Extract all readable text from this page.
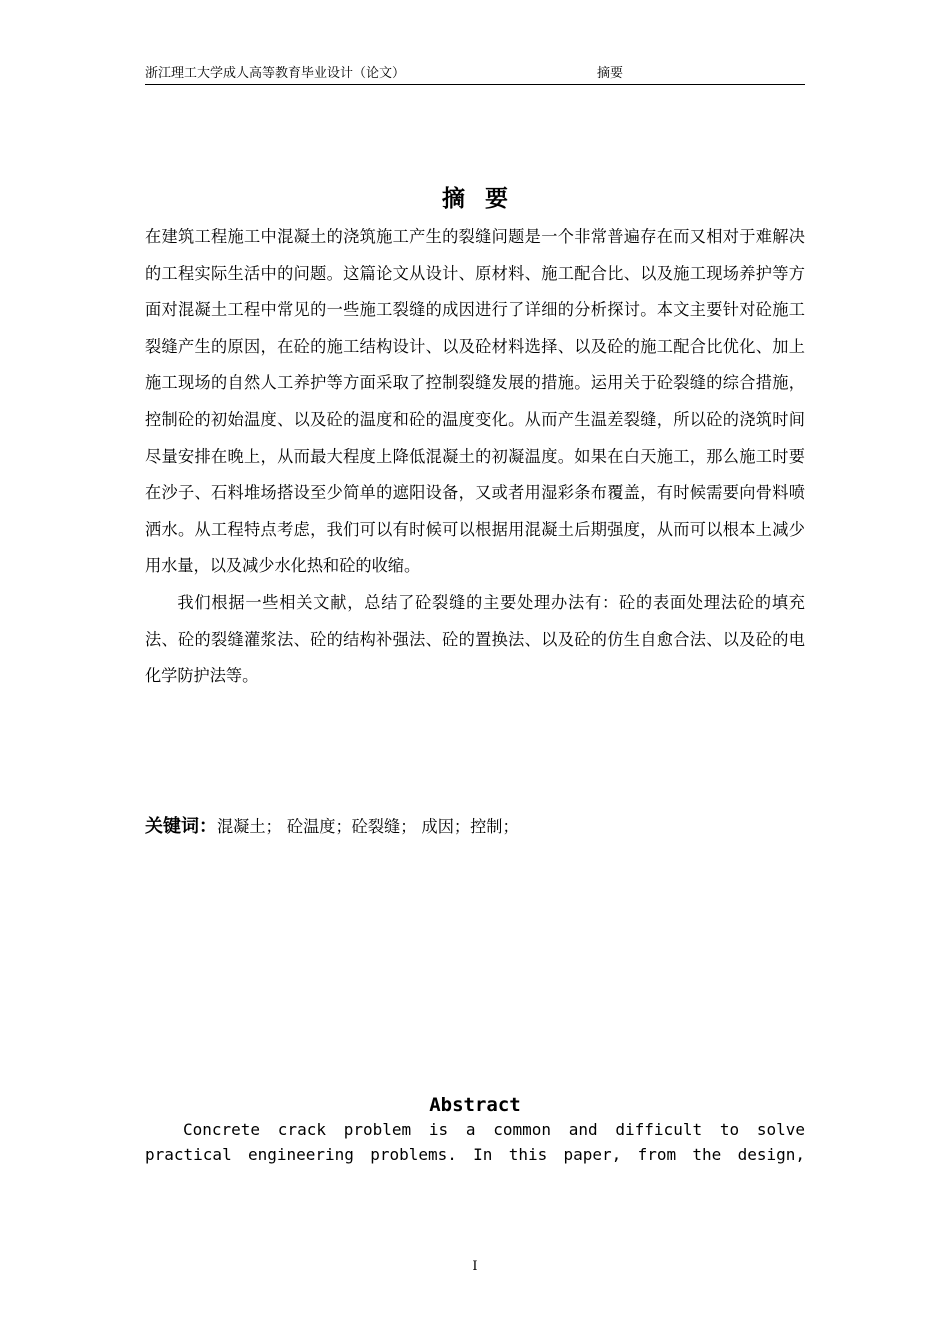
浙江理工大学成人高等教育毕业设计（论文）	摘要
摘要

在建筑工程施工中混凝土的浇筑施工产生的裂缝问题是一个非常普遍存在而又相对于难解决的工程实际生活中的问题。这篇论文从设计、原材料、施工配合比、以及施工现场养护等方面对混凝土工程中常见的一些施工裂缝的成因进行了详细的分析探讨。本文主要针对砼施工裂缝产生的原因，在砼的施工结构设计、以及砼材料选择、以及砼的施工配合比优化、加上施工现场的自然人工养护等方面采取了控制裂缝发展的措施。运用关于砼裂缝的综合措施，控制砼的初始温度、以及砼的温度和砼的温度变化。从而产生温差裂缝，所以砼的浇筑时间尽量安排在晚上，从而最大程度上降低混凝土的初凝温度。如果在白天施工，那么施工时要在沙子、石料堆场搭设至少简单的遮阳设备，又或者用湿彩条布覆盖，有时候需要向骨料喷洒水。从工程特点考虑，我们可以有时候可以根据用混凝土后期强度，从而可以根本上减少用水量，以及减少水化热和砼的收缩。

我们根据一些相关文献，总结了砼裂缝的主要处理办法有：砼的表面处理法砼的填充法、砼的裂缝灌浆法、砼的结构补强法、砼的置换法、以及砼的仿生自愈合法、以及砼的电化学防护法等。

关键词：混凝土； 砼温度；砼裂缝； 成因；控制；
Abstract

Concrete crack problem is a common and difficult to solve practical engineering problems. In this paper, from the design,

I
